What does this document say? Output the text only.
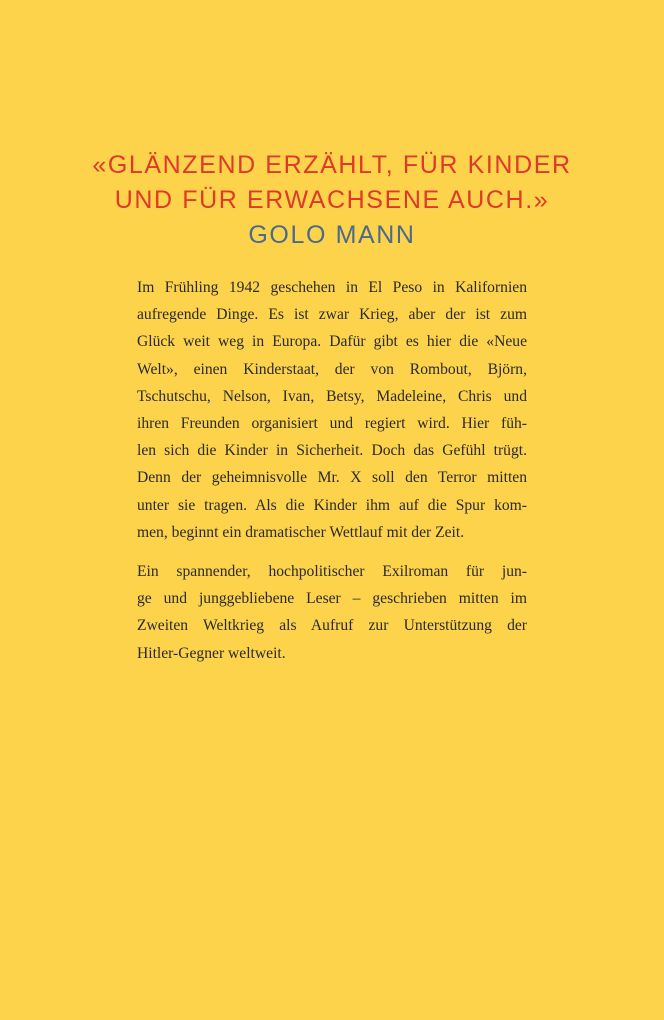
«GLÄNZEND ERZÄHLT, FÜR KINDER
UND FÜR ERWACHSENE AUCH.»
GOLO MANN
Im Frühling 1942 geschehen in El Peso in Kalifornien
aufregende Dinge. Es ist zwar Krieg, aber der ist zum
Glück weit weg in Europa. Dafür gibt es hier die «Neue
Welt», einen Kinderstaat, der von Rombout, Björn,
Tschutschu, Nelson, Ivan, Betsy, Madeleine, Chris und
ihren Freunden organisiert und regiert wird. Hier füh-
len sich die Kinder in Sicherheit. Doch das Gefühl trügt.
Denn der geheimnisvolle Mr. X soll den Terror mitten
unter sie tragen. Als die Kinder ihm auf die Spur kom-
men, beginnt ein dramatischer Wettlauf mit der Zeit.
Ein spannender, hochpolitischer Exilroman für jun-
ge und junggebliebene Leser – geschrieben mitten im
Zweiten Weltkrieg als Aufruf zur Unterstützung der
Hitler-Gegner weltweit.
